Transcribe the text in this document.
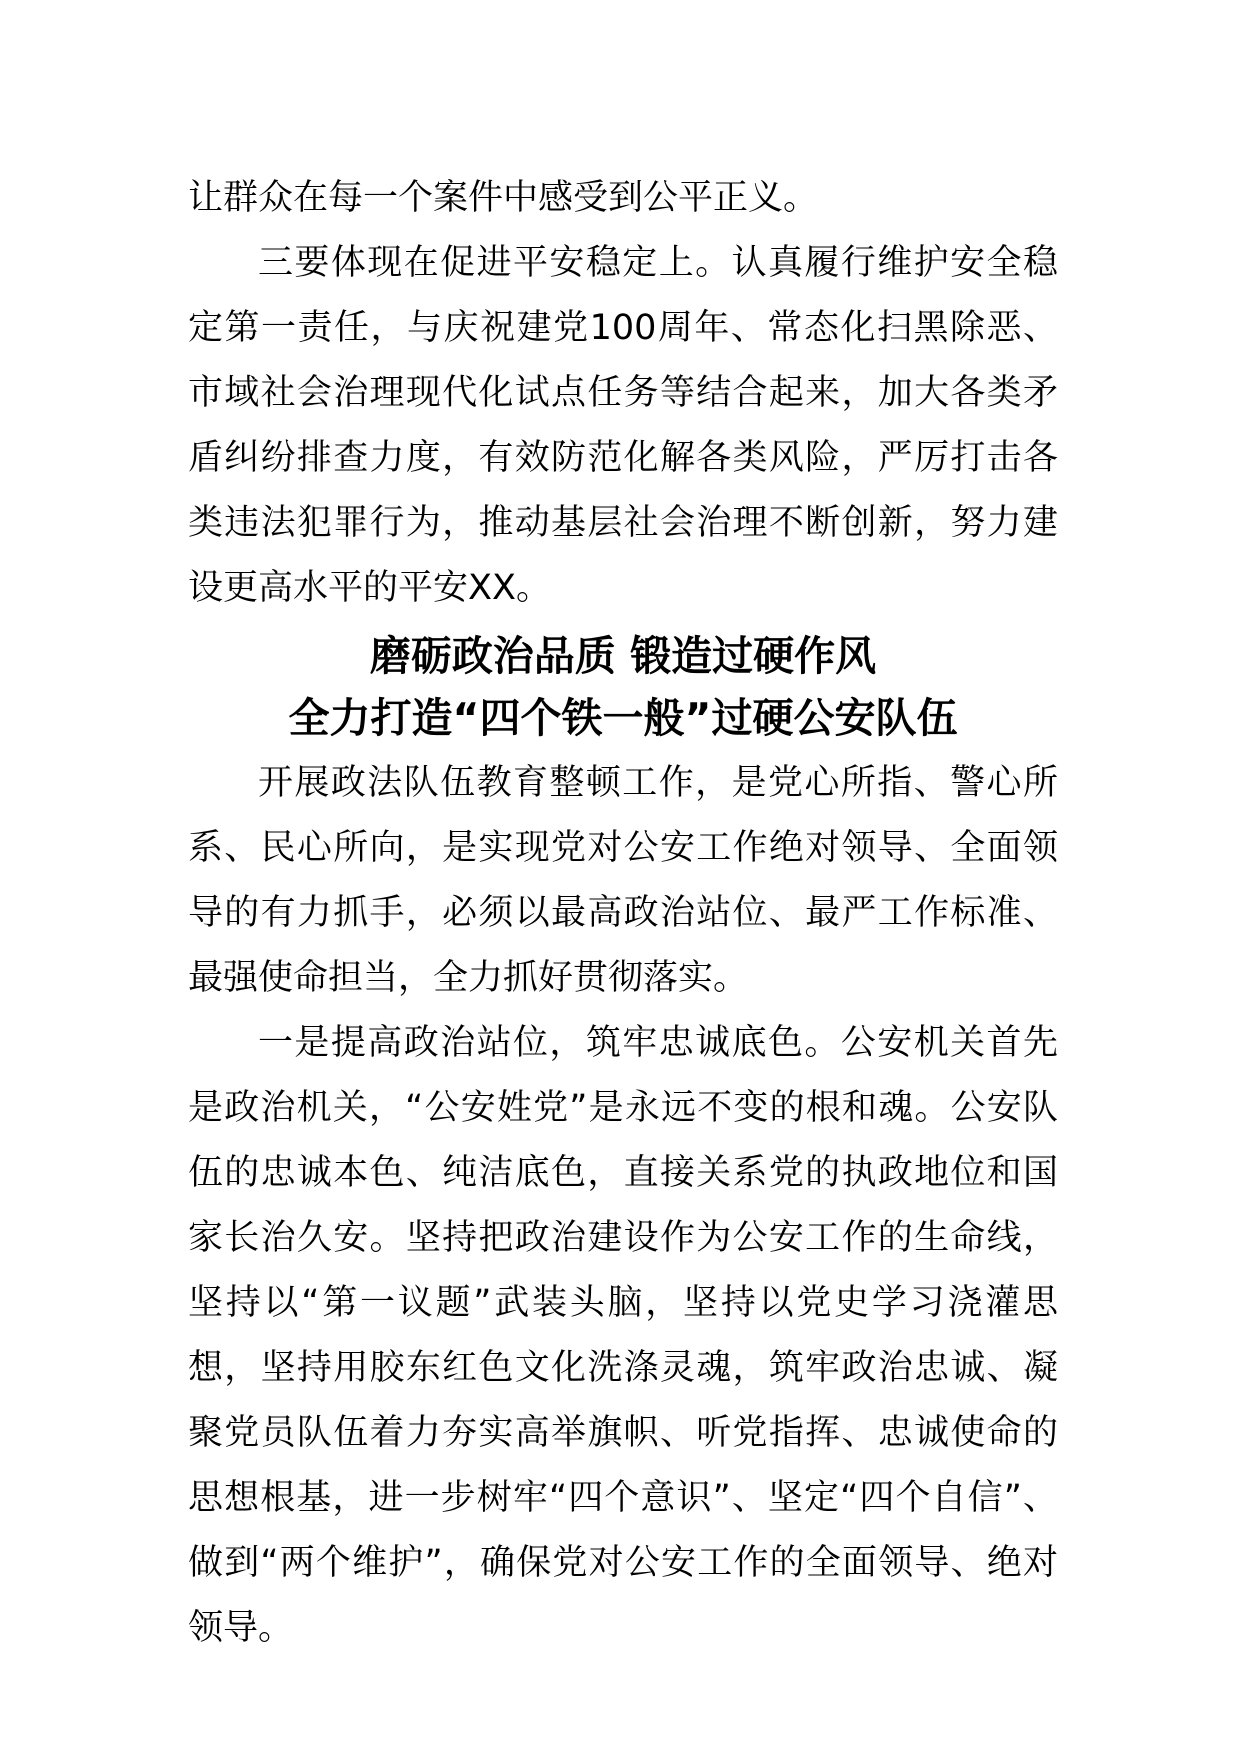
让群众在每一个案件中感受到公平正义。

三要体现在促进平安稳定上。认真履行维护安全稳定第一责任，与庆祝建党100周年、常态化扫黑除恶、市域社会治理现代化试点任务等结合起来，加大各类矛盾纠纷排查力度，有效防范化解各类风险，严厉打击各类违法犯罪行为，推动基层社会治理不断创新，努力建设更高水平的平安XX。

磨砺政治品质 锻造过硬作风
全力打造“四个铁一般”过硬公安队伍

开展政法队伍教育整顿工作，是党心所指、警心所系、民心所向，是实现党对公安工作绝对领导、全面领导的有力抓手，必须以最高政治站位、最严工作标准、最强使命担当，全力抓好贯彻落实。

一是提高政治站位，筑牢忠诚底色。公安机关首先是政治机关，“公安姓党”是永远不变的根和魂。公安队伍的忠诚本色、纯洁底色，直接关系党的执政地位和国家长治久安。坚持把政治建设作为公安工作的生命线，坚持以“第一议题”武装头脑，坚持以党史学习浇灌思想，坚持用胶东红色文化洗涤灵魂，筑牢政治忠诚、凝聚党员队伍着力夯实高举旗帜、听党指挥、忠诚使命的思想根基，进一步树牢“四个意识”、坚定“四个自信”、做到“两个维护”，确保党对公安工作的全面领导、绝对领导。
